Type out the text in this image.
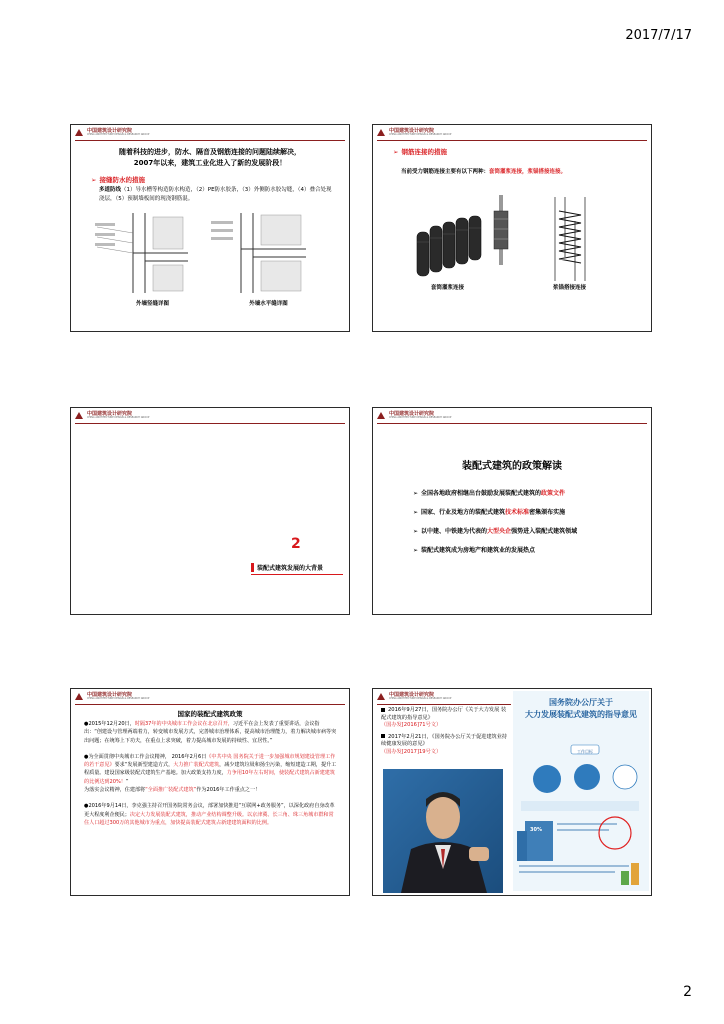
2017/7/17
中国建筑设计研究院
CHINA ARCHITECTURE DESIGN & RESEARCH GROUP
随着科技的进步，防水、隔音及钢筋连接的问题陆续解决，
2007年以来，建筑工业化进入了新的发展阶段！
➢ 接缝防水的措施
多道防线（1）导水槽等构造防水构造，（2）PE防水胶条，（3）外侧防水胶勾缝，（4）叠合处现浇层，（5）预制墙板间的现浇钢筋混。
外墙竖缝详图	外墙水平缝详图
中国建筑设计研究院
CHINA ARCHITECTURE DESIGN & RESEARCH GROUP
➢ 钢筋连接的措施
当前受力钢筋连接主要有以下两种：套筒灌浆连接，浆锚搭接连接。
套筒灌浆连接	浆锚搭接连接
中国建筑设计研究院
CHINA ARCHITECTURE DESIGN & RESEARCH GROUP
2
装配式建筑发展的大背景
中国建筑设计研究院
CHINA ARCHITECTURE DESIGN & RESEARCH GROUP
装配式建筑的政策解读
➢ 全国各地政府相继出台鼓励发展装配式建筑的政策文件
➢ 国家、行业及地方的装配式建筑技术标准密集颁布实施
➢ 以中建、中铁建为代表的大型央企强势进入装配式建筑领域
➢ 装配式建筑成为房地产和建筑业的发展热点
中国建筑设计研究院
CHINA ARCHITECTURE DESIGN & RESEARCH GROUP
国家的装配式建筑政策
●2015年12月20日，时隔37年的中央城市工作会议在北京召开，习近平在会上发表了重要讲话，会议指出：“创建设与管理两端着力，转变城市发展方式，完善城市治理体系，提高城市治理能力，着力解决城市病等突出问题；在统筹上下功夫，在重点上求突破，着力提高城市发展的持续性、宜居性。”
●为全面贯彻中央城市工作会议精神， 2016年2月6日《中共中央 国务院关于进一步加强城市规划建设管理工作的若干意见》要求“发展新型建造方式，大力推广装配式建筑，减少建筑垃圾和扬尘污染，缩短建造工期，提升工程质量。建设国家级装配式建筑生产基地。加大政策支持力度，力争用10年左右时间，使装配式建筑占新建建筑的比例达到20%！”
为落实会议精神，住建部将“全面推广装配式建筑”作为2016年工作重点之一！
●2016年9月14日，李克强主持召开国务院常务会议，部署加快推进“互联网+政务服务”，以深化政府自身改革更大程度利企便民；决定大力发展装配式建筑，推动产业结构调整升级。以京津冀、长三角、珠三角城市群和常住人口超过300万的其他城市为重点，加快提高装配式建筑占新建建筑面积的比例。
中国建筑设计研究院
CHINA ARCHITECTURE DESIGN & RESEARCH GROUP
2016年9月27日，国务院办公厅《关于大力发展 装配式建筑的指导意见》
（国办发[2016]71号文）
2017年2月21日，《国务院办公厅关于促进建筑业持续健康发展的意见》
（国办发[2017]19号文）
国务院办公厅关于
大力发展装配式建筑的指导意见
工作目标
30%
2
